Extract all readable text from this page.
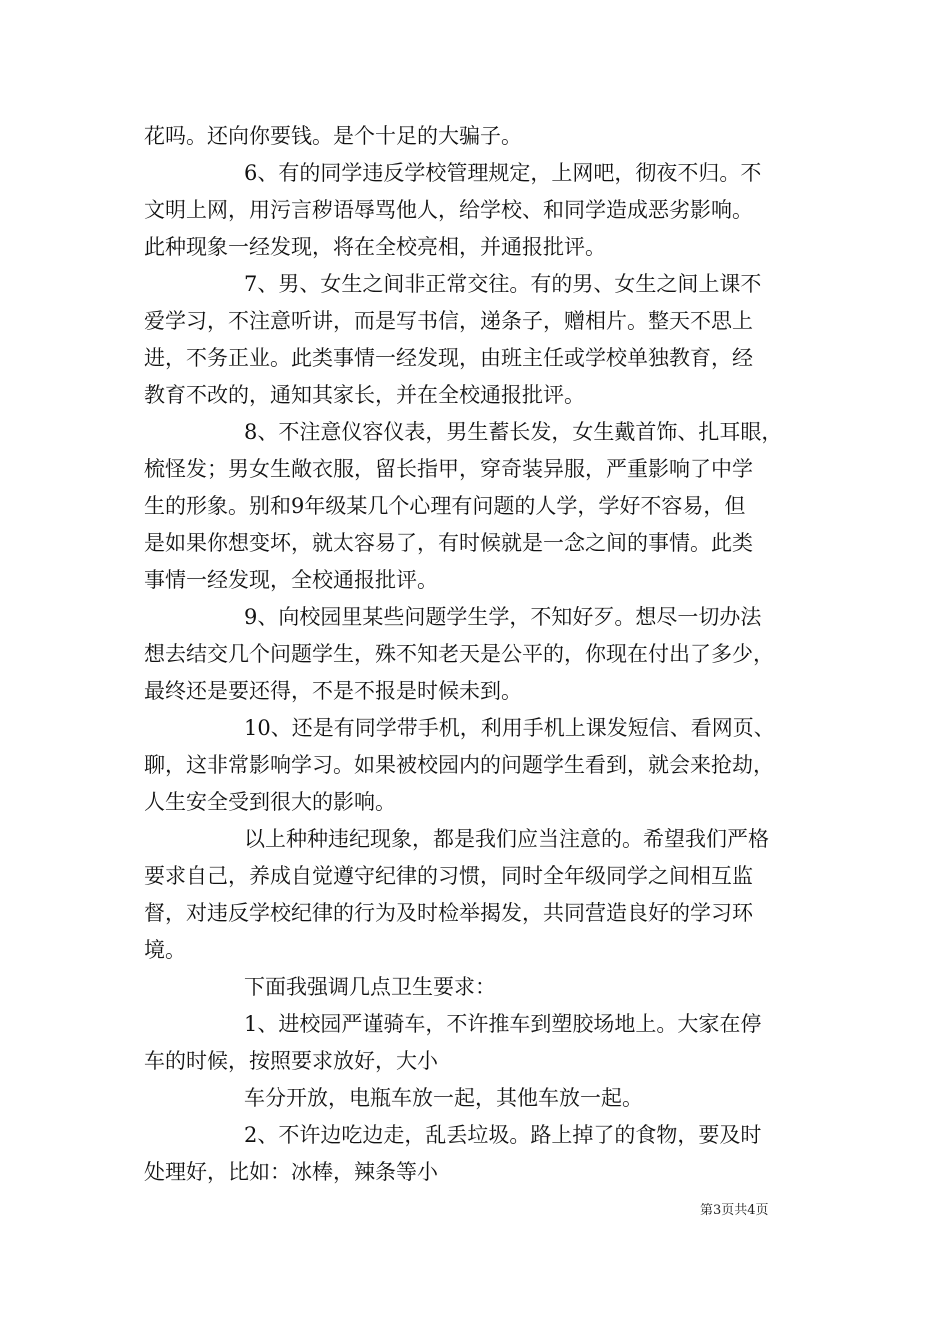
花吗。还向你要钱。是个十足的大骗子。
6、有的同学违反学校管理规定，上网吧，彻夜不归。不
文明上网，用污言秽语辱骂他人，给学校、和同学造成恶劣影响。
此种现象一经发现，将在全校亮相，并通报批评。
7、男、女生之间非正常交往。有的男、女生之间上课不
爱学习，不注意听讲，而是写书信，递条子，赠相片。整天不思上
进，不务正业。此类事情一经发现，由班主任或学校单独教育，经
教育不改的，通知其家长，并在全校通报批评。
8、不注意仪容仪表，男生蓄长发，女生戴首饰、扎耳眼，
梳怪发；男女生敞衣服，留长指甲，穿奇装异服，严重影响了中学
生的形象。别和9年级某几个心理有问题的人学，学好不容易，但
是如果你想变坏，就太容易了，有时候就是一念之间的事情。此类
事情一经发现，全校通报批评。
9、向校园里某些问题学生学，不知好歹。想尽一切办法
想去结交几个问题学生，殊不知老天是公平的，你现在付出了多少，
最终还是要还得，不是不报是时候未到。
10、还是有同学带手机，利用手机上课发短信、看网页、
聊，这非常影响学习。如果被校园内的问题学生看到，就会来抢劫，
人生安全受到很大的影响。
以上种种违纪现象，都是我们应当注意的。希望我们严格
要求自己，养成自觉遵守纪律的习惯，同时全年级同学之间相互监
督，对违反学校纪律的行为及时检举揭发，共同营造良好的学习环
境。
下面我强调几点卫生要求：
1、进校园严谨骑车，不许推车到塑胶场地上。大家在停
车的时候，按照要求放好，大小
车分开放，电瓶车放一起，其他车放一起。
2、不许边吃边走，乱丢垃圾。路上掉了的食物，要及时
处理好，比如：冰棒，辣条等小
第3页共4页
